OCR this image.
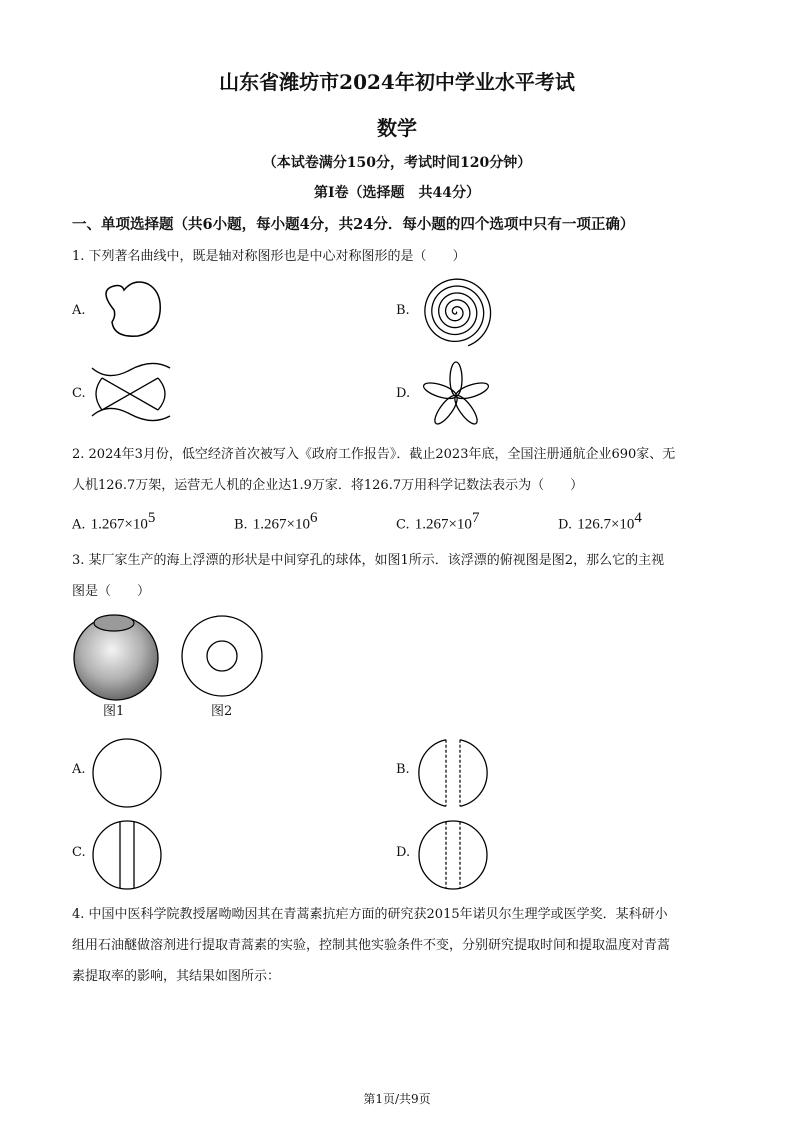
山东省潍坊市2024年初中学业水平考试
数学
（本试卷满分150分，考试时间120分钟）
第Ⅰ卷（选择题　共44分）
一、单项选择题（共6小题，每小题4分，共24分．每小题的四个选项中只有一项正确）
1. 下列著名曲线中，既是轴对称图形也是中心对称图形的是（　　）
A.	B.
C.	D.
2. 2024年3月份，低空经济首次被写入《政府工作报告》．截止2023年底，全国注册通航企业690家、无
人机126.7万架，运营无人机的企业达1.9万家．将126.7万用科学记数法表示为（　　）
A. $1.267\times 10^5$	B. $1.267\times 10^6$	C. $1.267\times 10^7$	D. $126.7\times 10^4$
3. 某厂家生产的海上浮漂的形状是中间穿孔的球体，如图1所示．该浮漂的俯视图是图2，那么它的主视
图是（　　）
图1	图2
A.	B.
C.	D.
4. 中国中医科学院教授屠呦呦因其在青蒿素抗疟方面的研究获2015年诺贝尔生理学或医学奖．某科研小
组用石油醚做溶剂进行提取青蒿素的实验，控制其他实验条件不变，分别研究提取时间和提取温度对青蒿
素提取率的影响，其结果如图所示：
第1页/共9页
